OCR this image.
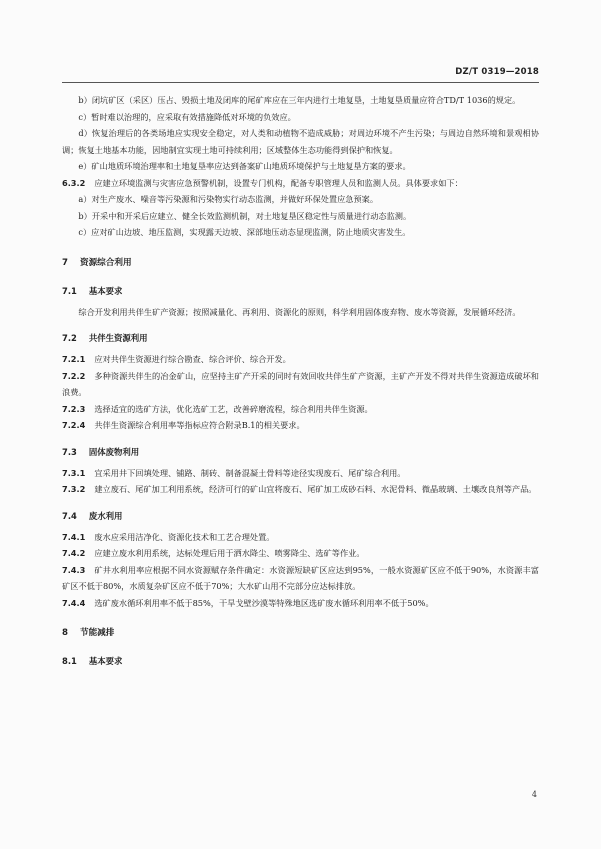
DZ/T 0319—2018
b）闭坑矿区（采区）压占、毁损土地及闭库的尾矿库应在三年内进行土地复垦，土地复垦质量应符合TD/T 1036的规定。
c）暂时难以治理的，应采取有效措施降低对环境的负效应。
d）恢复治理后的各类场地应实现安全稳定，对人类和动植物不造成威胁；对周边环境不产生污染；与周边自然环境和景观相协调；恢复土地基本功能，因地制宜实现土地可持续利用；区域整体生态功能得到保护和恢复。
e）矿山地质环境治理率和土地复垦率应达到备案矿山地质环境保护与土地复垦方案的要求。
6.3.2 应建立环境监测与灾害应急预警机制，设置专门机构，配备专职管理人员和监测人员。具体要求如下：
a）对生产废水、噪音等污染源和污染物实行动态监测，并做好环保处置应急预案。
b）开采中和开采后应建立、健全长效监测机制，对土地复垦区稳定性与质量进行动态监测。
c）应对矿山边坡、地压监测，实现露天边坡、深部地压动态显现监测，防止地质灾害发生。
7 资源综合利用
7.1 基本要求
综合开发利用共伴生矿产资源；按照减量化、再利用、资源化的原则，科学利用固体废弃物、废水等资源，发展循环经济。
7.2 共伴生资源利用
7.2.1 应对共伴生资源进行综合勘查、综合评价、综合开发。
7.2.2 多种资源共伴生的冶金矿山，应坚持主矿产开采的同时有效回收共伴生矿产资源，主矿产开发不得对共伴生资源造成破坏和浪费。
7.2.3 选择适宜的选矿方法，优化选矿工艺，改善碎磨流程，综合利用共伴生资源。
7.2.4 共伴生资源综合利用率等指标应符合附录B.1的相关要求。
7.3 固体废物利用
7.3.1 宜采用井下回填处理、铺路、制砖、制备混凝土骨料等途径实现废石、尾矿综合利用。
7.3.2 建立废石、尾矿加工利用系统，经济可行的矿山宜将废石、尾矿加工成砂石料、水泥骨料、微晶玻璃、土壤改良剂等产品。
7.4 废水利用
7.4.1 废水应采用洁净化、资源化技术和工艺合理处置。
7.4.2 应建立废水利用系统，达标处理后用于洒水降尘、喷雾降尘、选矿等作业。
7.4.3 矿井水利用率应根据不同水资源赋存条件确定：水资源短缺矿区应达到95%，一般水资源矿区应不低于90%，水资源丰富矿区不低于80%，水质复杂矿区应不低于70%；大水矿山用不完部分应达标排放。
7.4.4 选矿废水循环利用率不低于85%，干旱戈壁沙漠等特殊地区选矿废水循环利用率不低于50%。
8 节能减排
8.1 基本要求
4
